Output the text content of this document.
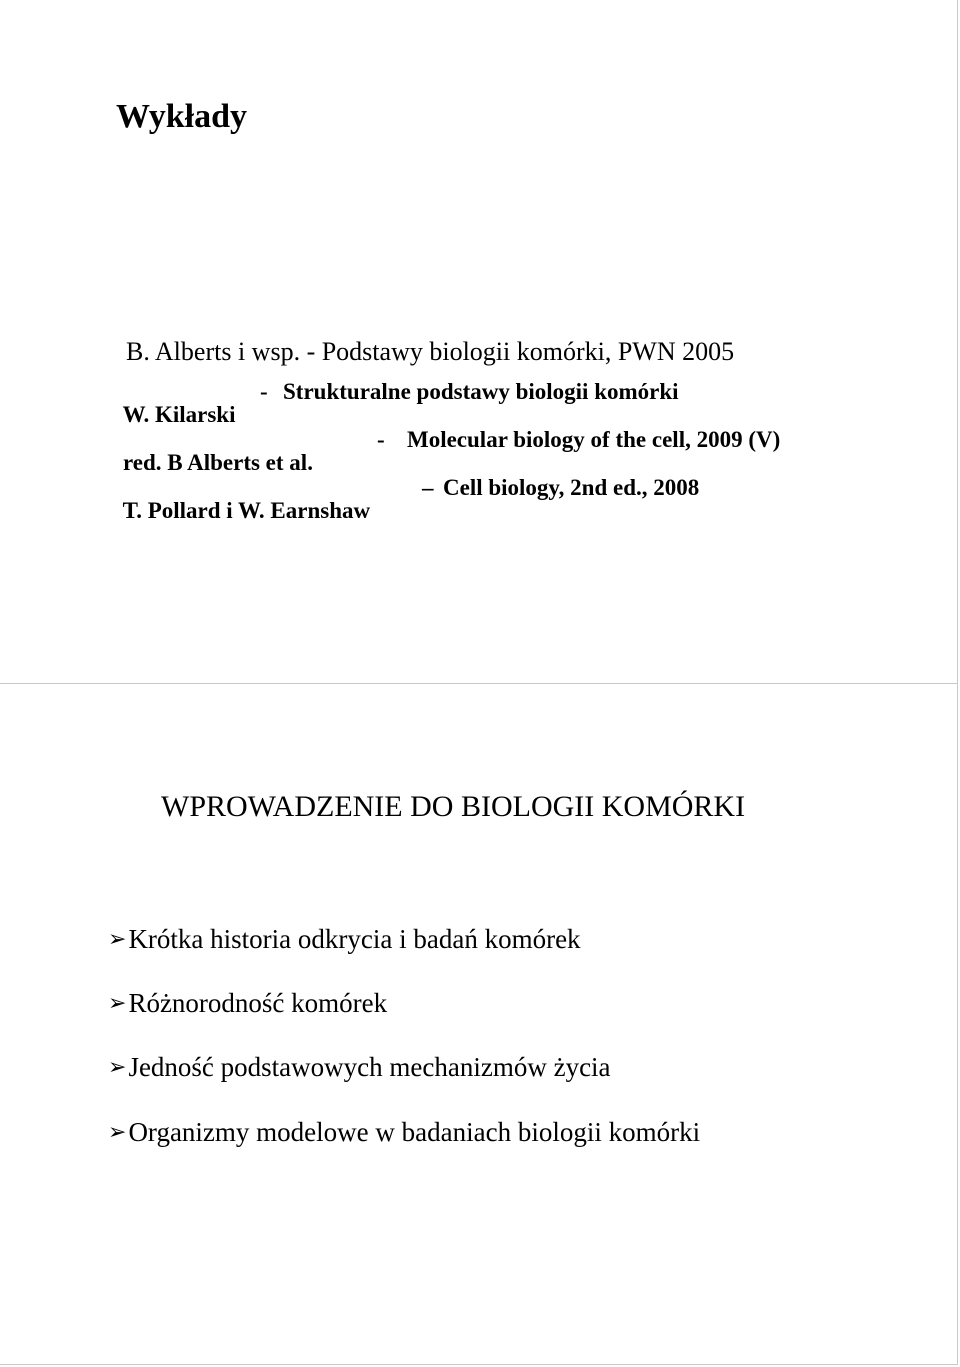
Wykłady

B. Alberts i wsp. - Podstawy biologii komórki, PWN 2005

W. Kilarski

-

Strukturalne podstawy biologii komórki

red. B Alberts et al.

-

Molecular biology of the cell, 2009 (V)

T. Pollard i W. Earnshaw

–

Cell biology, 2nd ed., 2008

WPROWADZENIE DO BIOLOGII KOMÓRKI
➢Krótka historia odkrycia i badań komórek
➢Różnorodność komórek
➢Jedność podstawowych mechanizmów życia
➢Organizmy modelowe w badaniach biologii komórki
